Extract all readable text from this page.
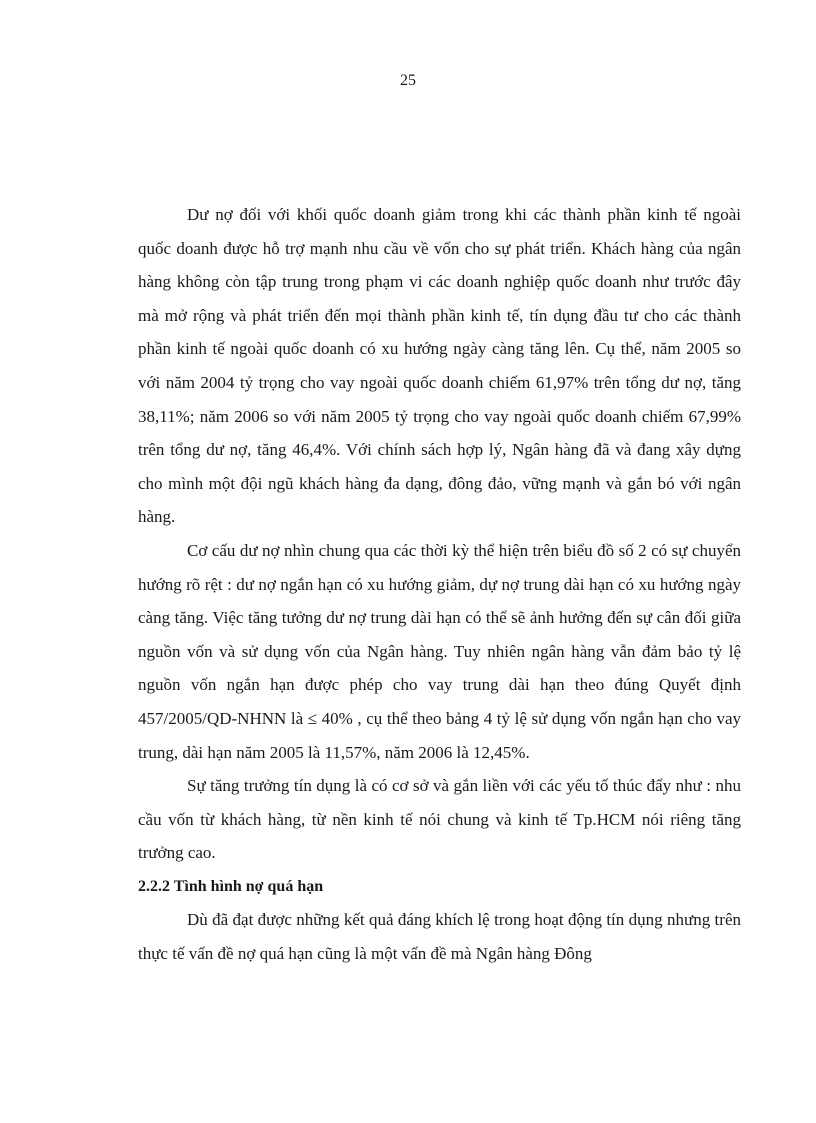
25

Dư nợ đối với khối quốc doanh giảm trong khi các thành phần kinh tế ngoài quốc doanh được hỗ trợ mạnh nhu cầu về vốn cho sự phát triển. Khách hàng của ngân hàng không còn tập trung trong phạm vi các doanh nghiệp quốc doanh như trước đây mà mở rộng và phát triển đến mọi thành phần kinh tế, tín dụng đầu tư cho các thành phần kinh tế ngoài quốc doanh có xu hướng ngày càng tăng lên. Cụ thể, năm 2005 so với năm 2004 tỷ trọng cho vay ngoài quốc doanh chiếm 61,97% trên tổng dư nợ, tăng 38,11%; năm 2006 so với năm 2005 tỷ trọng cho vay ngoài quốc doanh chiếm 67,99% trên tổng dư nợ, tăng 46,4%. Với chính sách hợp lý, Ngân hàng đã và đang xây dựng cho mình một đội ngũ khách hàng đa dạng, đông đảo, vững mạnh và gắn bó với ngân hàng.

Cơ cấu dư nợ nhìn chung qua các thời kỳ thể hiện trên biểu đồ số 2 có sự chuyển hướng rõ rệt : dư nợ ngắn hạn có xu hướng giảm, dự nợ trung dài hạn có xu hướng ngày càng tăng. Việc tăng tưởng dư nợ trung dài hạn có thể sẽ ảnh hưởng đến sự cân đối giữa nguồn vốn và sử dụng vốn của Ngân hàng. Tuy nhiên ngân hàng vẫn đảm bảo tỷ lệ nguồn vốn ngắn hạn được phép cho vay trung dài hạn theo đúng Quyết định 457/2005/QD-NHNN là ≤ 40% , cụ thể theo bảng 4 tỷ lệ sử dụng vốn ngắn hạn cho vay trung, dài hạn năm 2005 là 11,57%, năm 2006 là 12,45%.

Sự tăng trưởng tín dụng là có cơ sở và gắn liền với các yếu tố thúc đẩy như : nhu cầu vốn từ khách hàng, từ nền kinh tế nói chung và kinh tế Tp.HCM nói riêng tăng trưởng cao.

2.2.2 Tình hình nợ quá hạn

Dù đã đạt được những kết quả đáng khích lệ trong hoạt động tín dụng nhưng trên thực tế vấn đề nợ quá hạn cũng là một vấn đề mà Ngân hàng Đông
